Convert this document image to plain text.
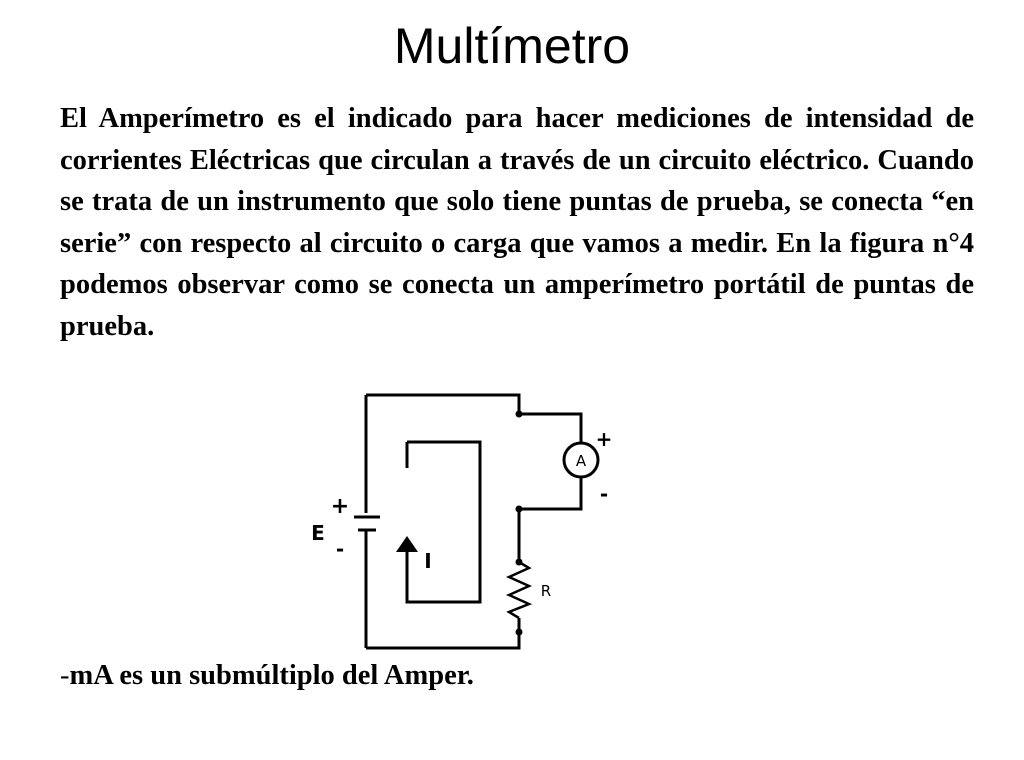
Multímetro

El Amperímetro es el indicado para hacer mediciones de intensidad de corrientes Eléctricas que circulan a través de un circuito eléctrico. Cuando se trata de un instrumento que solo tiene puntas de prueba, se conecta “en serie” con respecto al circuito o carga que vamos a medir. En la figura n°4 podemos observar como se conecta un amperímetro portátil de puntas de prueba.

A
+
-
+
E
-	I
R

-mA es un submúltiplo del Amper.
